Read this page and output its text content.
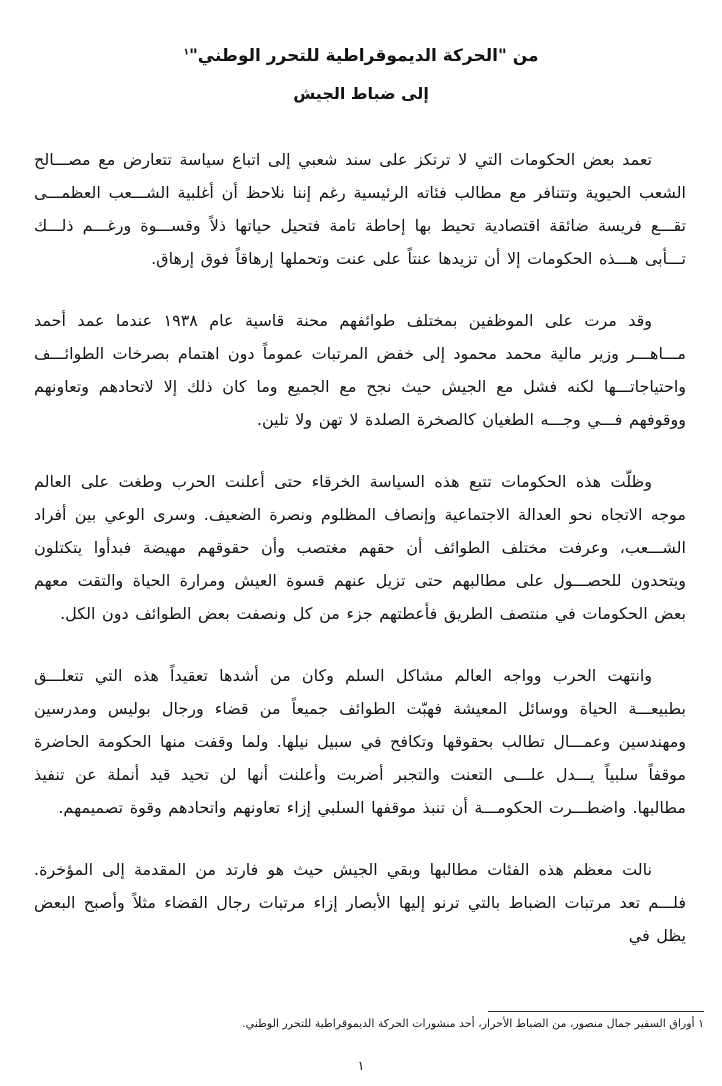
من "الحركة الديموقراطية للتحرر الوطني"$^١$
إلى ضباط الجيش

تعمد بعض الحكومات التي لا ترتكز على سند شعبي إلى اتباع سياسة تتعارض مع مصـــالح الشعب الحيوية وتتنافر مع مطالب فئاته الرئيسية رغم إننا نلاحظ أن أغلبية الشـــعب العظمـــى تقـــع فريسة ضائقة اقتصادية تحيط بها إحاطة تامة فتحيل حياتها ذلاً وقســـوة ورغـــم ذلـــك تـــأبى هـــذه الحكومات إلا أن تزيدها عنتاً على عنت وتحملها إرهاقاً فوق إرهاق.

وقد مرت على الموظفين بمختلف طوائفهم محنة قاسية عام ١٩٣٨ عندما عمد أحمد مـــاهـــر وزير مالية محمد محمود إلى خفض المرتبات عموماً دون اهتمام بصرخات الطوائـــف واحتياجاتـــها لكنه فشل مع الجيش حيث نجح مع الجميع وما كان ذلك إلا لاتحادهم وتعاونهم ووقوفهم فـــي وجـــه الطغيان كالصخرة الصلدة لا تهن ولا تلين.

وظلّت هذه الحكومات تتبع هذه السياسة الخرقاء حتى أعلنت الحرب وطغت على العالم موجه الاتجاه نحو العدالة الاجتماعية وإنصاف المظلوم ونصرة الضعيف. وسرى الوعي بين أفراد الشـــعب، وعرفت مختلف الطوائف أن حقهم مغتصب وأن حقوقهم مهيضة فبدأوا يتكتلون ويتحدون للحصـــول على مطالبهم حتى تزيل عنهم قسوة العيش ومرارة الحياة والتقت معهم بعض الحكومات في منتصف الطريق فأعطتهم جزء من كل ونصفت بعض الطوائف دون الكل.

وانتهت الحرب وواجه العالم مشاكل السلم وكان من أشدها تعقيداً هذه التي تتعلـــق بطبيعـــة الحياة ووسائل المعيشة فهبّت الطوائف جميعاً من قضاء ورجال بوليس ومدرسين ومهندسين وعمـــال تطالب بحقوقها وتكافح في سبيل نيلها. ولما وقفت منها الحكومة الحاضرة موقفاً سلبياً يـــدل علـــى التعنت والتجبر أضربت وأعلنت أنها لن تحيد قيد أنملة عن تنفيذ مطالبها. واضطـــرت الحكومـــة أن تنبذ موقفها السلبي إزاء تعاونهم واتحادهم وقوة تصميمهم.

نالت معظم هذه الفئات مطالبها وبقي الجيش حيث هو فارتد من المقدمة إلى المؤخرة. فلـــم تعد مرتبات الضباط بالتي ترنو إليها الأبصار إزاء مرتبات رجال القضاء مثلاً وأصبح البعض يظل في

١ أوراق السفير جمال منصور، من الضباط الأحرار، أحد منشورات الحركة الديموقراطية للتحرر الوطني.
١
